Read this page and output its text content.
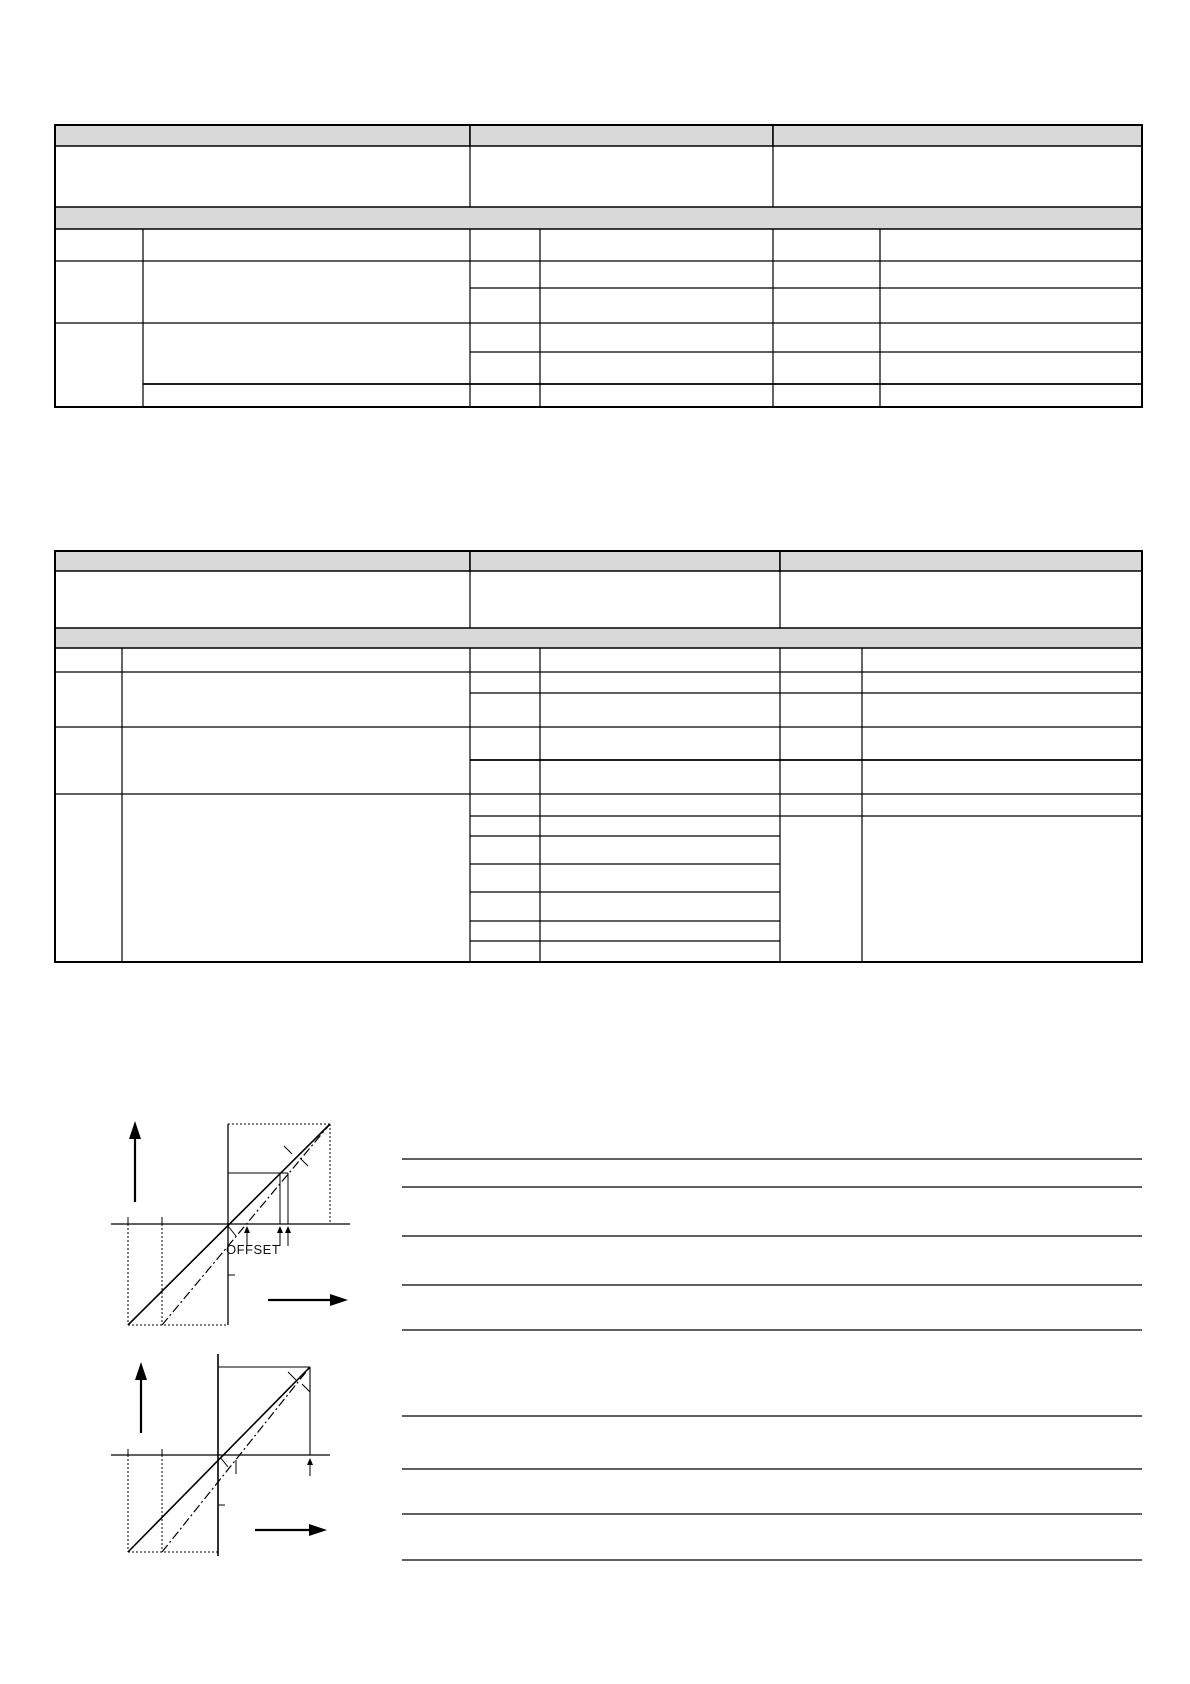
OFFSET
